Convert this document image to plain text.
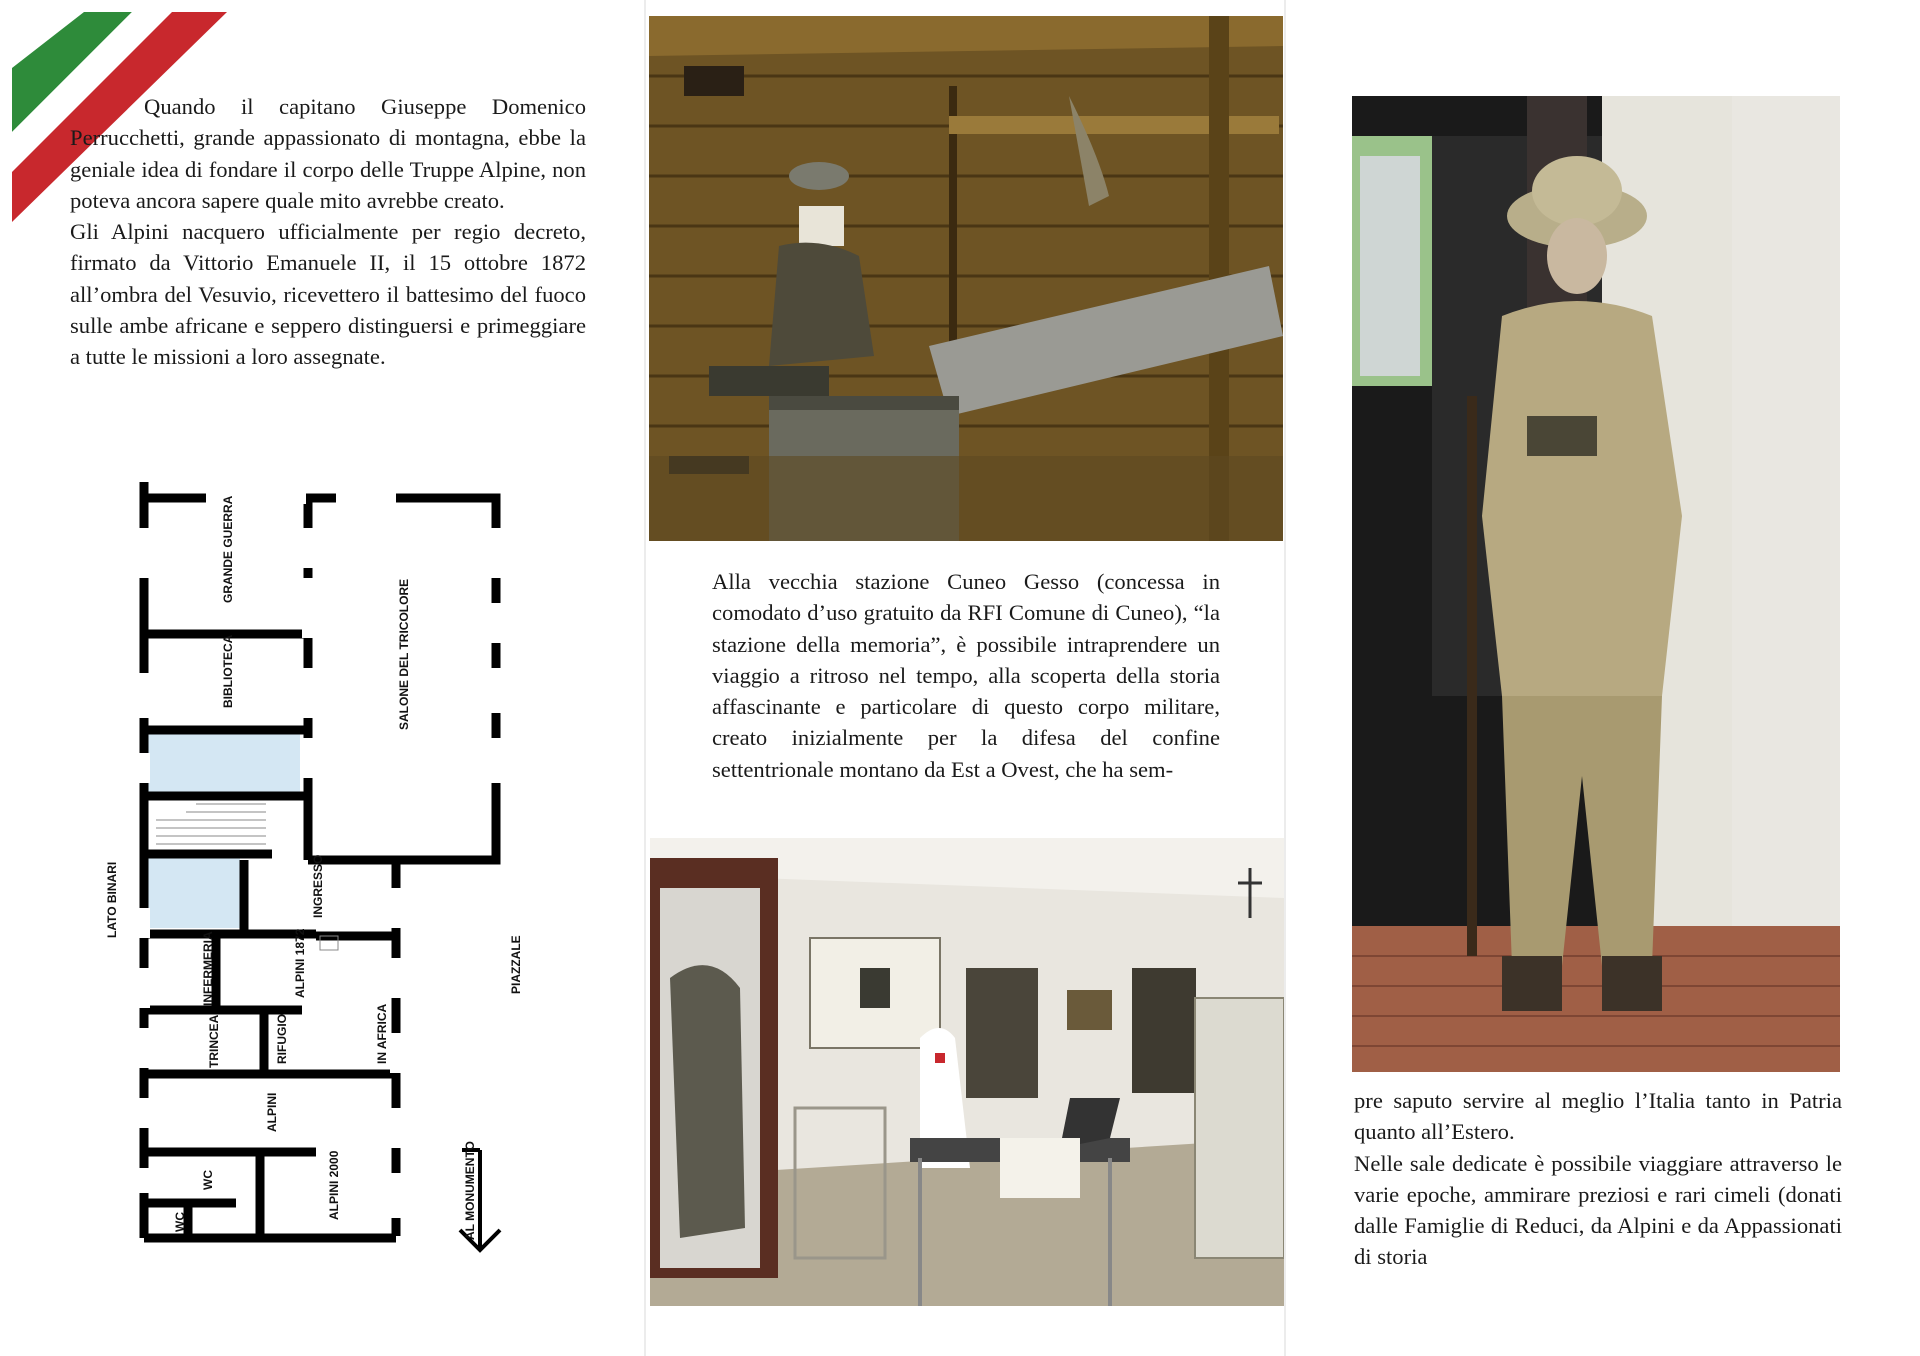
Quando il capitano Giuseppe Domenico Perrucchetti, grande appassionato di montagna, ebbe la geniale idea di fondare il corpo delle Truppe Alpine, non poteva ancora sapere quale mito avrebbe creato.

Gli Alpini nacquero ufficialmente per regio decreto, firmato da Vittorio Emanuele II, il 15 ottobre 1872 all’ombra del Vesuvio, ricevettero il battesimo del fuoco sulle ambe africane e seppero distinguersi e primeggiare a tutte le missioni a loro assegnate.

GRANDE GUERRA
BIBLIOTECA	SALONE DEL TRICOLORE
INGRESSO
INFERMERIA	ALPINI 1872
TRINCEA	RIFUGIO	IN AFRICA
ALPINI
WC
WC
ALPINI 2000
LATO BINARI
PIAZZALE
AL MONUMENTO

Alla vecchia stazione Cuneo Gesso (concessa in comodato d’uso gratuito da RFI Comune di Cuneo), “la stazione della memoria”, è possibile intraprendere un viaggio a ritroso nel tempo, alla scoperta della storia affascinante e particolare di questo corpo militare, creato inizialmente per la difesa del confine settentrionale montano da Est a Ovest, che ha sem-

pre saputo servire al meglio l’Italia tanto in Patria quanto all’Estero.

Nelle sale dedicate è possibile viaggiare attraverso le varie epoche, ammirare preziosi e rari cimeli (donati dalle Famiglie di Reduci, da Alpini e da Appassionati di storia
